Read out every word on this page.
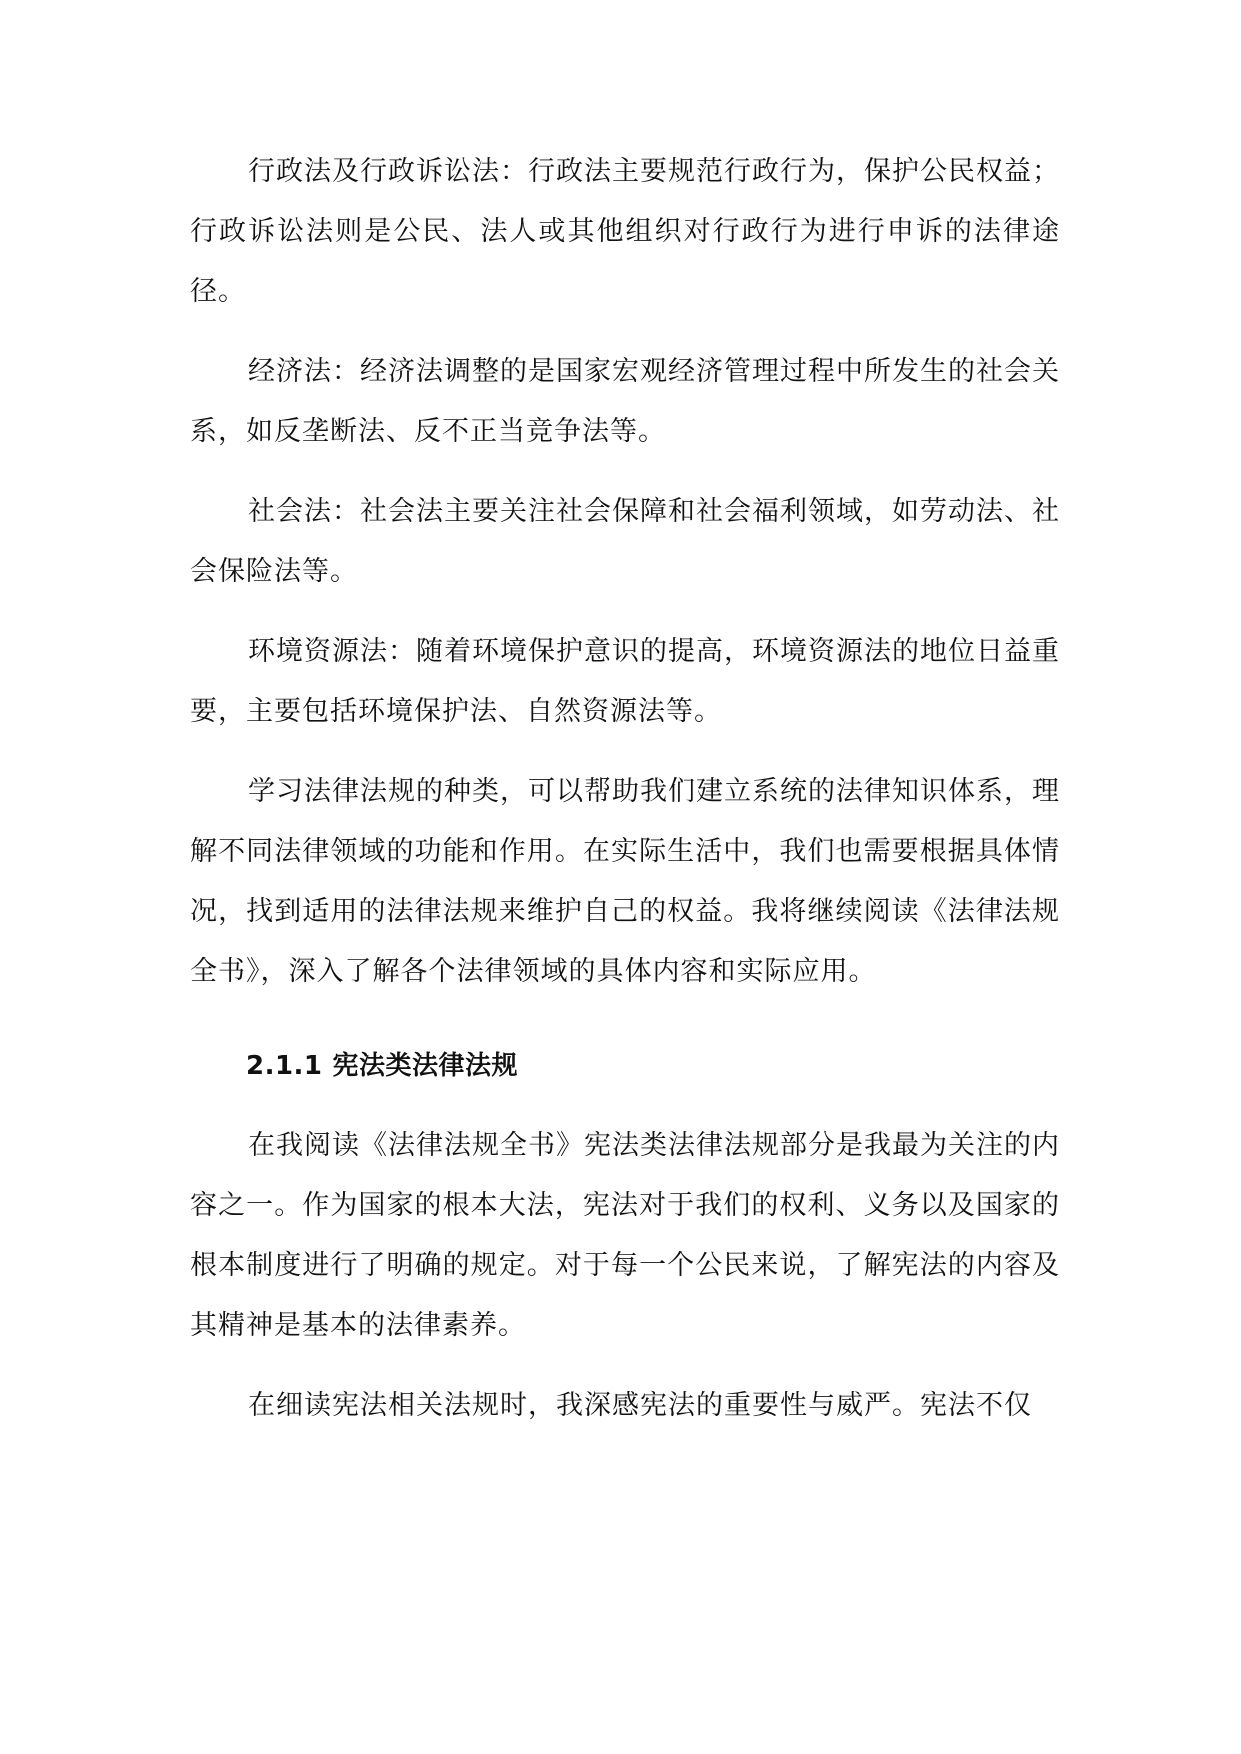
行政法及行政诉讼法：行政法主要规范行政行为，保护公民权益；行政诉讼法则是公民、法人或其他组织对行政行为进行申诉的法律途径。

经济法：经济法调整的是国家宏观经济管理过程中所发生的社会关系，如反垄断法、反不正当竞争法等。

社会法：社会法主要关注社会保障和社会福利领域，如劳动法、社会保险法等。

环境资源法：随着环境保护意识的提高，环境资源法的地位日益重要，主要包括环境保护法、自然资源法等。

学习法律法规的种类，可以帮助我们建立系统的法律知识体系，理解不同法律领域的功能和作用。在实际生活中，我们也需要根据具体情况，找到适用的法律法规来维护自己的权益。我将继续阅读《法律法规全书》，深入了解各个法律领域的具体内容和实际应用。

2.1.1 宪法类法律法规

在我阅读《法律法规全书》宪法类法律法规部分是我最为关注的内容之一。作为国家的根本大法，宪法对于我们的权利、义务以及国家的根本制度进行了明确的规定。对于每一个公民来说，了解宪法的内容及其精神是基本的法律素养。

在细读宪法相关法规时，我深感宪法的重要性与威严。宪法不仅
